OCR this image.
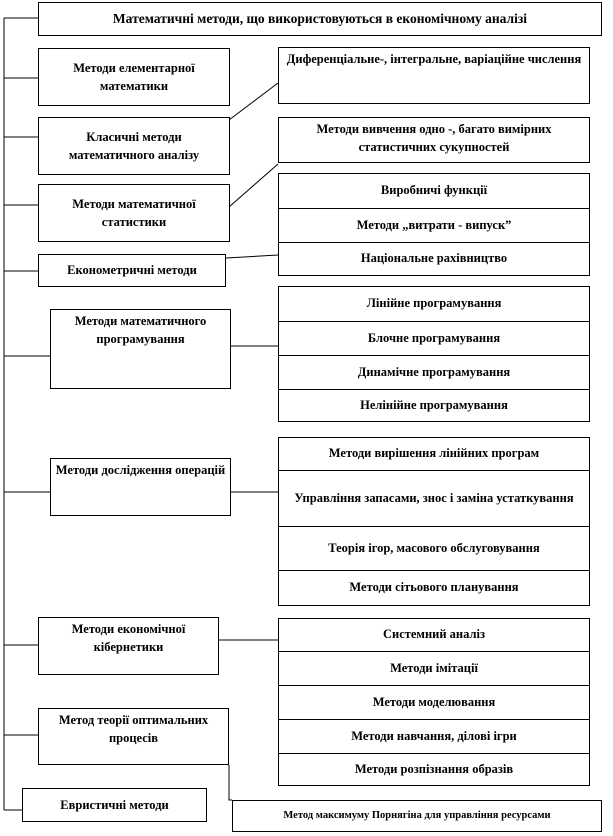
Математичні методи, що використовуються в економічному аналізі
Методи елементарної математики
Класичні методи математичного аналізу
Методи математичної статистики
Економетричні методи
Методи математичного програмування
Методи дослідження операцій
Методи економічної кібернетики
Метод теорії оптимальних процесів
Евристичні методи
Диференціальне-, інтегральне, варіаційне числення
Методи вивчення одно -, багато вимірних статистичних сукупностей
Виробничі функції
Методи „витрати - випуск”
Національне рахівництво
Лінійне програмування
Блочне програмування
Динамічне програмування
Нелінійне програмування
Методи вирішення лінійних програм
Управління запасами, знос і заміна устаткування
Теорія ігор, масового обслуговування
Методи сітьового планування
Системний аналіз
Методи імітації
Методи моделювання
Методи навчання, ділові ігри
Методи розпізнання образів
Метод максимуму Порнягіна для управління ресурсами
